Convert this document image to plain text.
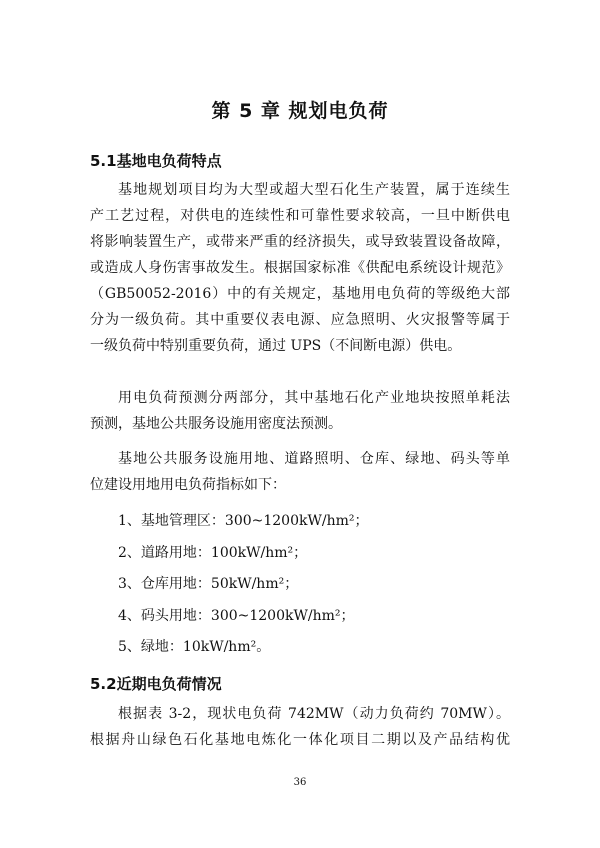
第 5 章 规划电负荷
5.1基地电负荷特点

基地规划项目均为大型或超大型石化生产装置，属于连续生
产工艺过程，对供电的连续性和可靠性要求较高，一旦中断供电
将影响装置生产，或带来严重的经济损失，或导致装置设备故障，
或造成人身伤害事故发生。根据国家标准《供配电系统设计规范》
（GB50052-2016）中的有关规定，基地用电负荷的等级绝大部
分为一级负荷。其中重要仪表电源、应急照明、火灾报警等属于
一级负荷中特别重要负荷，通过 UPS（不间断电源）供电。

用电负荷预测分两部分，其中基地石化产业地块按照单耗法
预测，基地公共服务设施用密度法预测。

基地公共服务设施用地、道路照明、仓库、绿地、码头等单
位建设用地用电负荷指标如下：

1、基地管理区：300~1200kW/hm²；
2、道路用地：100kW/hm²；
3、仓库用地：50kW/hm²；
4、码头用地：300~1200kW/hm²；
5、绿地：10kW/hm²。
5.2近期电负荷情况

根据表 3-2，现状电负荷 742MW（动力负荷约 70MW）。
根据舟山绿色石化基地电炼化一体化项目二期以及产品结构优

36
